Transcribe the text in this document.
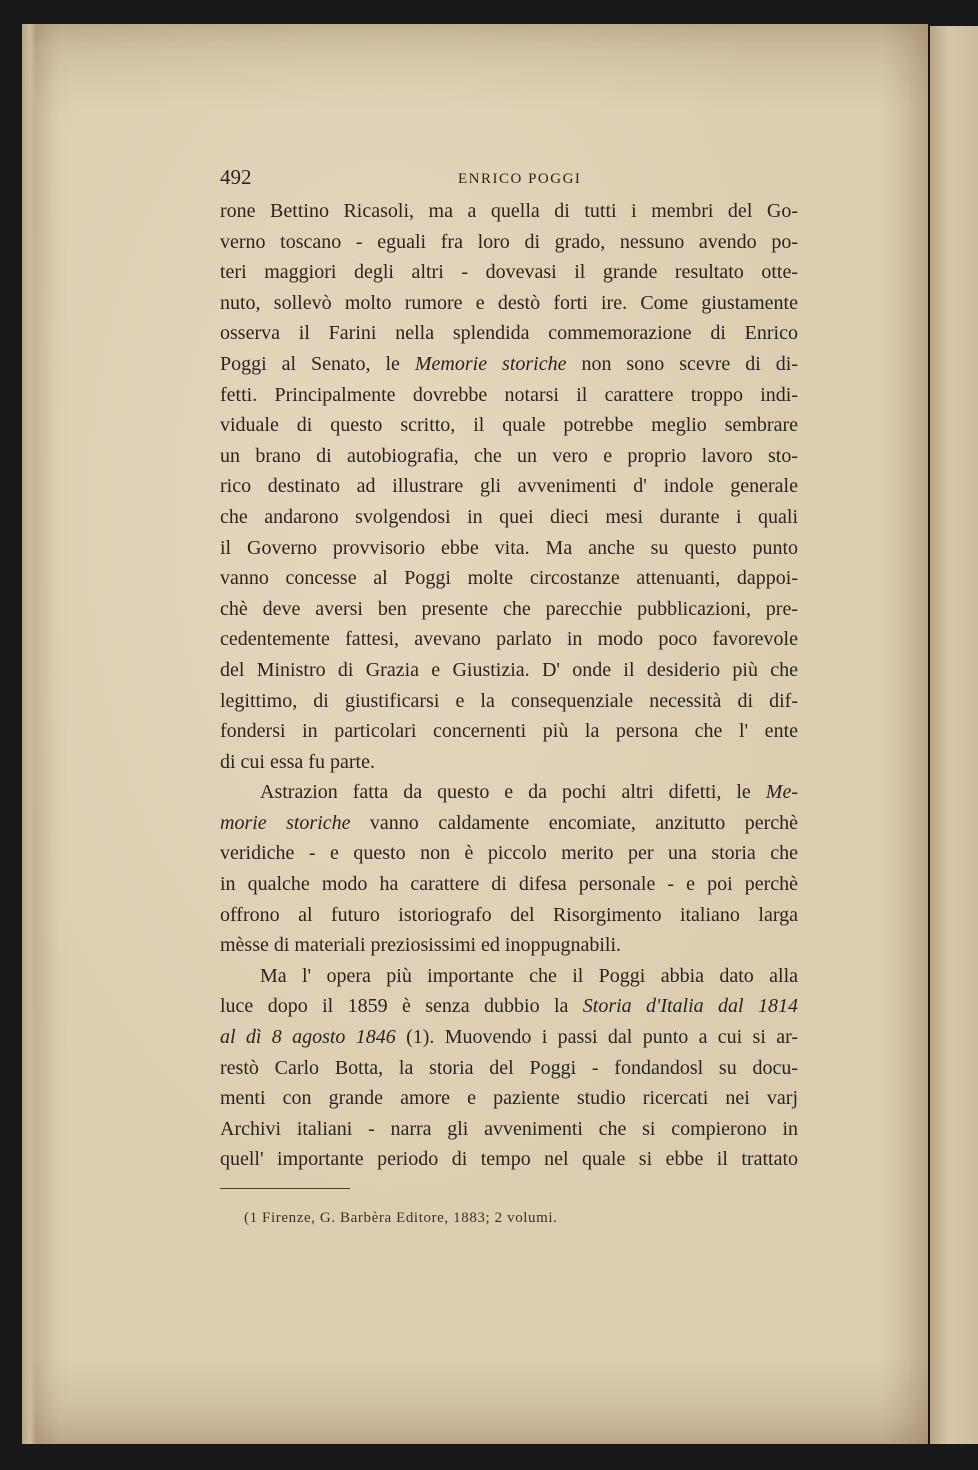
492	ENRICO POGGI
rone Bettino Ricasoli, ma a quella di tutti i membri del Go-
verno toscano - eguali fra loro di grado, nessuno avendo po-
teri maggiori degli altri - dovevasi il grande resultato otte-
nuto, sollevò molto rumore e destò forti ire. Come giustamente
osserva il Farini nella splendida commemorazione di Enrico
Poggi al Senato, le Memorie storiche non sono scevre di di-
fetti. Principalmente dovrebbe notarsi il carattere troppo indi-
viduale di questo scritto, il quale potrebbe meglio sembrare
un brano di autobiografia, che un vero e proprio lavoro sto-
rico destinato ad illustrare gli avvenimenti d' indole generale
che andarono svolgendosi in quei dieci mesi durante i quali
il Governo provvisorio ebbe vita. Ma anche su questo punto
vanno concesse al Poggi molte circostanze attenuanti, dappoi-
chè deve aversi ben presente che parecchie pubblicazioni, pre-
cedentemente fattesi, avevano parlato in modo poco favorevole
del Ministro di Grazia e Giustizia. D' onde il desiderio più che
legittimo, di giustificarsi e la consequenziale necessità di dif-
fondersi in particolari concernenti più la persona che l' ente
di cui essa fu parte.
Astrazion fatta da questo e da pochi altri difetti, le Me-
morie storiche vanno caldamente encomiate, anzitutto perchè
veridiche - e questo non è piccolo merito per una storia che
in qualche modo ha carattere di difesa personale - e poi perchè
offrono al futuro istoriografo del Risorgimento italiano larga
mèsse di materiali preziosissimi ed inoppugnabili.
Ma l' opera più importante che il Poggi abbia dato alla
luce dopo il 1859 è senza dubbio la Storia d'Italia dal 1814
al dì 8 agosto 1846 (1). Muovendo i passi dal punto a cui si ar-
restò Carlo Botta, la storia del Poggi - fondandosl su docu-
menti con grande amore e paziente studio ricercati nei varj
Archivi italiani - narra gli avvenimenti che si compierono in
quell' importante periodo di tempo nel quale si ebbe il trattato
(1 Firenze, G. Barbèra Editore, 1883; 2 volumi.
